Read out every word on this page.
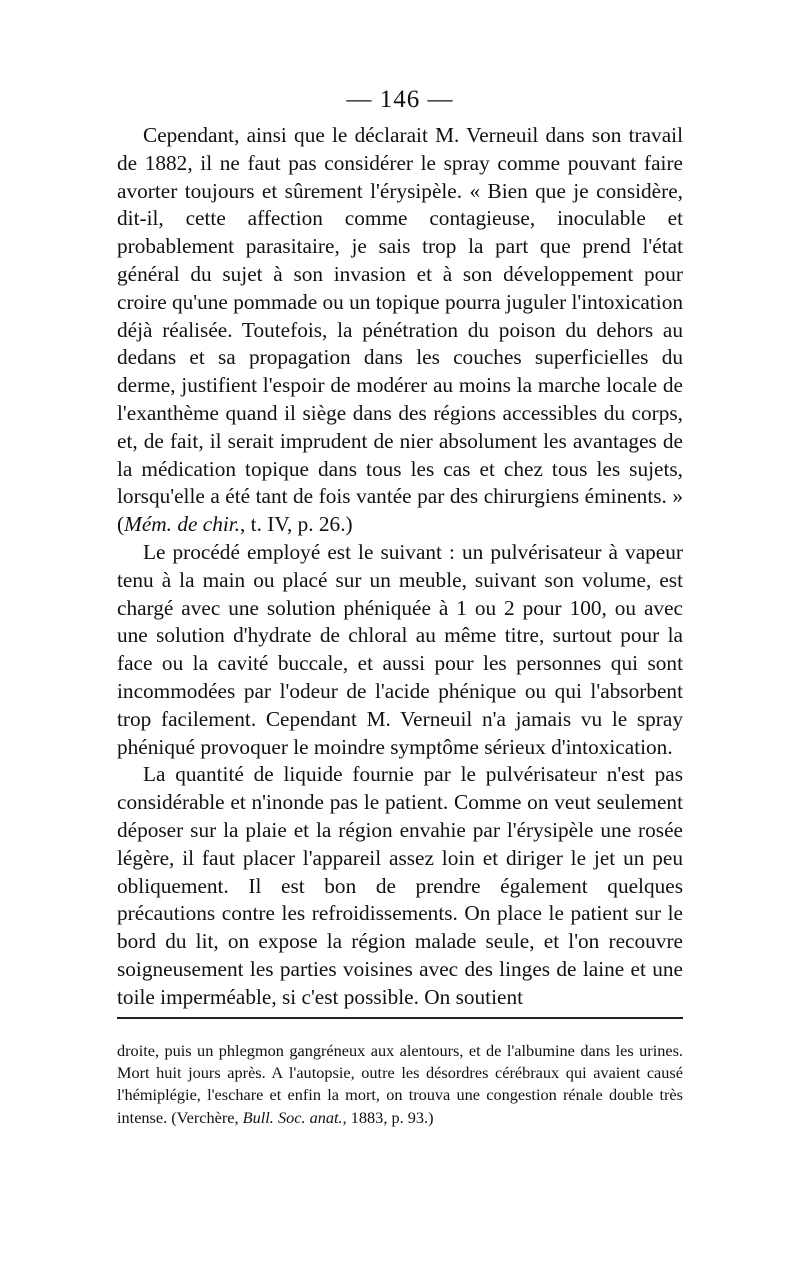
— 146 —

Cependant, ainsi que le déclarait M. Verneuil dans son travail de 1882, il ne faut pas considérer le spray comme pouvant faire avorter toujours et sûrement l'érysipèle. « Bien que je considère, dit-il, cette affection comme contagieuse, inoculable et probablement parasitaire, je sais trop la part que prend l'état général du sujet à son invasion et à son développement pour croire qu'une pommade ou un topique pourra juguler l'intoxication déjà réalisée. Toutefois, la pénétration du poison du dehors au dedans et sa propagation dans les couches superficielles du derme, justifient l'espoir de modérer au moins la marche locale de l'exanthème quand il siège dans des régions accessibles du corps, et, de fait, il serait imprudent de nier absolument les avantages de la médication topique dans tous les cas et chez tous les sujets, lorsqu'elle a été tant de fois vantée par des chirurgiens éminents. » (Mém. de chir., t. IV, p. 26.)

Le procédé employé est le suivant : un pulvérisateur à vapeur tenu à la main ou placé sur un meuble, suivant son volume, est chargé avec une solution phéniquée à 1 ou 2 pour 100, ou avec une solution d'hydrate de chloral au même titre, surtout pour la face ou la cavité buccale, et aussi pour les personnes qui sont incommodées par l'odeur de l'acide phénique ou qui l'absorbent trop facilement. Cependant M. Verneuil n'a jamais vu le spray phéniqué provoquer le moindre symptôme sérieux d'intoxication.

La quantité de liquide fournie par le pulvérisateur n'est pas considérable et n'inonde pas le patient. Comme on veut seulement déposer sur la plaie et la région envahie par l'érysipèle une rosée légère, il faut placer l'appareil assez loin et diriger le jet un peu obliquement. Il est bon de prendre également quelques précautions contre les refroidissements. On place le patient sur le bord du lit, on expose la région malade seule, et l'on recouvre soigneusement les parties voisines avec des linges de laine et une toile imperméable, si c'est possible. On soutient

droite, puis un phlegmon gangréneux aux alentours, et de l'albumine dans les urines. Mort huit jours après. A l'autopsie, outre les désordres cérébraux qui avaient causé l'hémiplégie, l'eschare et enfin la mort, on trouva une congestion rénale double très intense. (Verchère, Bull. Soc. anat., 1883, p. 93.)
